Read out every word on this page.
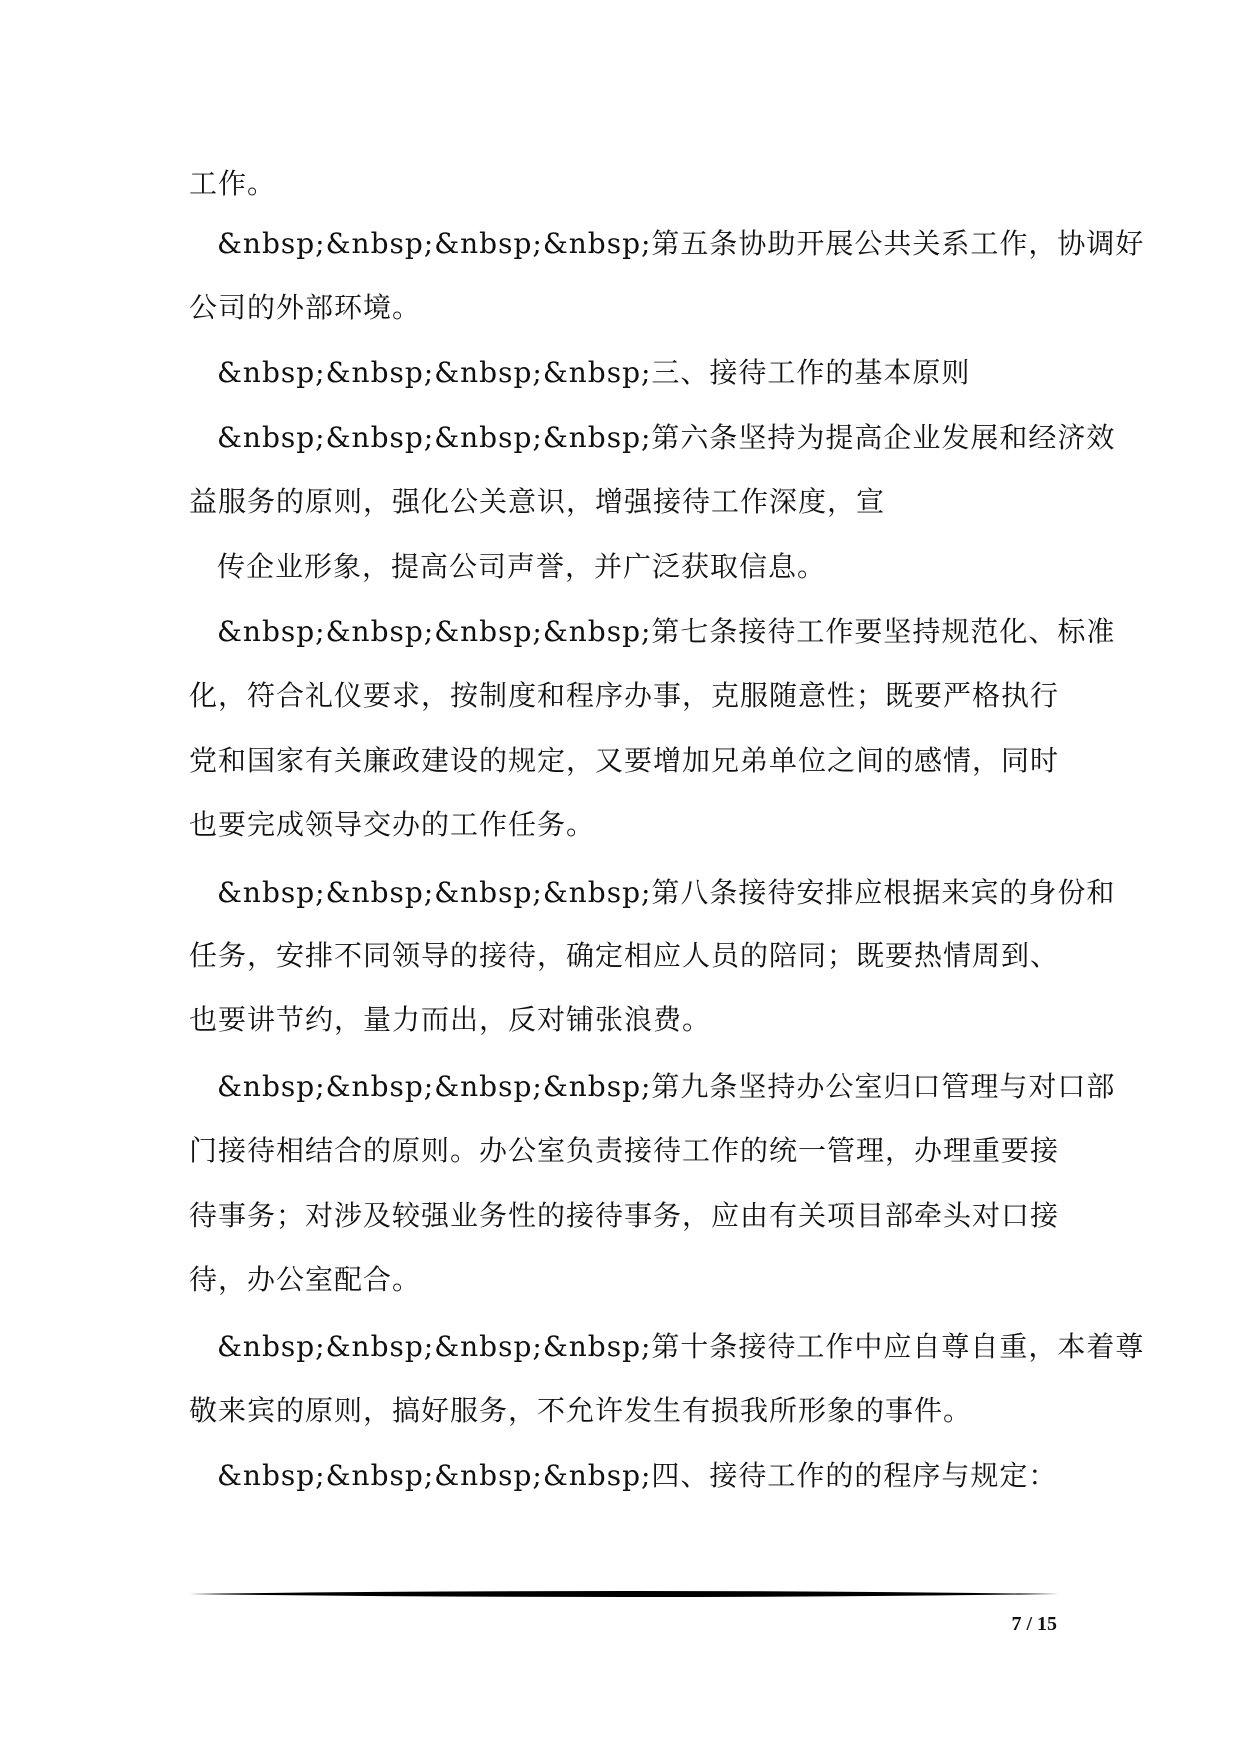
工作。

&nbsp;&nbsp;&nbsp;&nbsp;第五条协助开展公共关系工作，协调好

公司的外部环境。

&nbsp;&nbsp;&nbsp;&nbsp;三、接待工作的基本原则

&nbsp;&nbsp;&nbsp;&nbsp;第六条坚持为提高企业发展和经济效

益服务的原则，强化公关意识，增强接待工作深度，宣

传企业形象，提高公司声誉，并广泛获取信息。

&nbsp;&nbsp;&nbsp;&nbsp;第七条接待工作要坚持规范化、标准

化，符合礼仪要求，按制度和程序办事，克服随意性；既要严格执行

党和国家有关廉政建设的规定，又要增加兄弟单位之间的感情，同时

也要完成领导交办的工作任务。

&nbsp;&nbsp;&nbsp;&nbsp;第八条接待安排应根据来宾的身份和

任务，安排不同领导的接待，确定相应人员的陪同；既要热情周到、

也要讲节约，量力而出，反对铺张浪费。

&nbsp;&nbsp;&nbsp;&nbsp;第九条坚持办公室归口管理与对口部

门接待相结合的原则。办公室负责接待工作的统一管理，办理重要接

待事务；对涉及较强业务性的接待事务，应由有关项目部牵头对口接

待，办公室配合。

&nbsp;&nbsp;&nbsp;&nbsp;第十条接待工作中应自尊自重，本着尊

敬来宾的原则，搞好服务，不允许发生有损我所形象的事件。

&nbsp;&nbsp;&nbsp;&nbsp;四、接待工作的的程序与规定：

7 / 15
